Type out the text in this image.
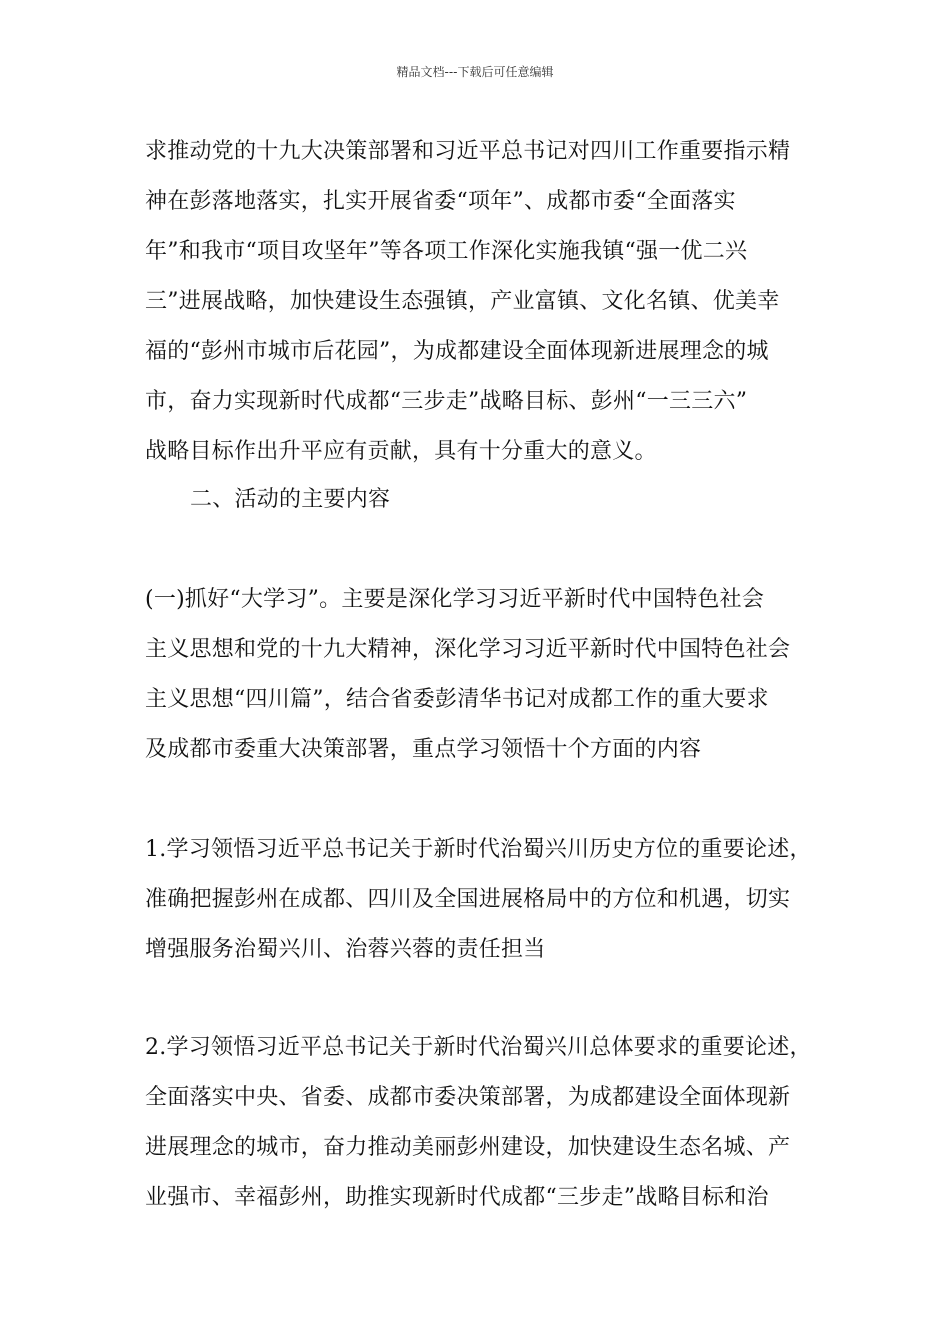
精品文档---下载后可任意编辑
求推动党的十九大决策部署和习近平总书记对四川工作重要指示精
神在彭落地落实，扎实开展省委“项年”、成都市委“全面落实
年”和我市“项目攻坚年”等各项工作深化实施我镇“强一优二兴
三”进展战略，加快建设生态强镇，产业富镇、文化名镇、优美幸
福的“彭州市城市后花园”，为成都建设全面体现新进展理念的城
市，奋力实现新时代成都“三步走”战略目标、彭州“一三三六”
战略目标作出升平应有贡献，具有十分重大的意义。
二、活动的主要内容
(一)抓好“大学习”。主要是深化学习习近平新时代中国特色社会
主义思想和党的十九大精神，深化学习习近平新时代中国特色社会
主义思想“四川篇”，结合省委彭清华书记对成都工作的重大要求
及成都市委重大决策部署，重点学习领悟十个方面的内容
1.学习领悟习近平总书记关于新时代治蜀兴川历史方位的重要论述，
准确把握彭州在成都、四川及全国进展格局中的方位和机遇，切实
增强服务治蜀兴川、治蓉兴蓉的责任担当
2.学习领悟习近平总书记关于新时代治蜀兴川总体要求的重要论述，
全面落实中央、省委、成都市委决策部署，为成都建设全面体现新
进展理念的城市，奋力推动美丽彭州建设，加快建设生态名城、产
业强市、幸福彭州，助推实现新时代成都“三步走”战略目标和治
